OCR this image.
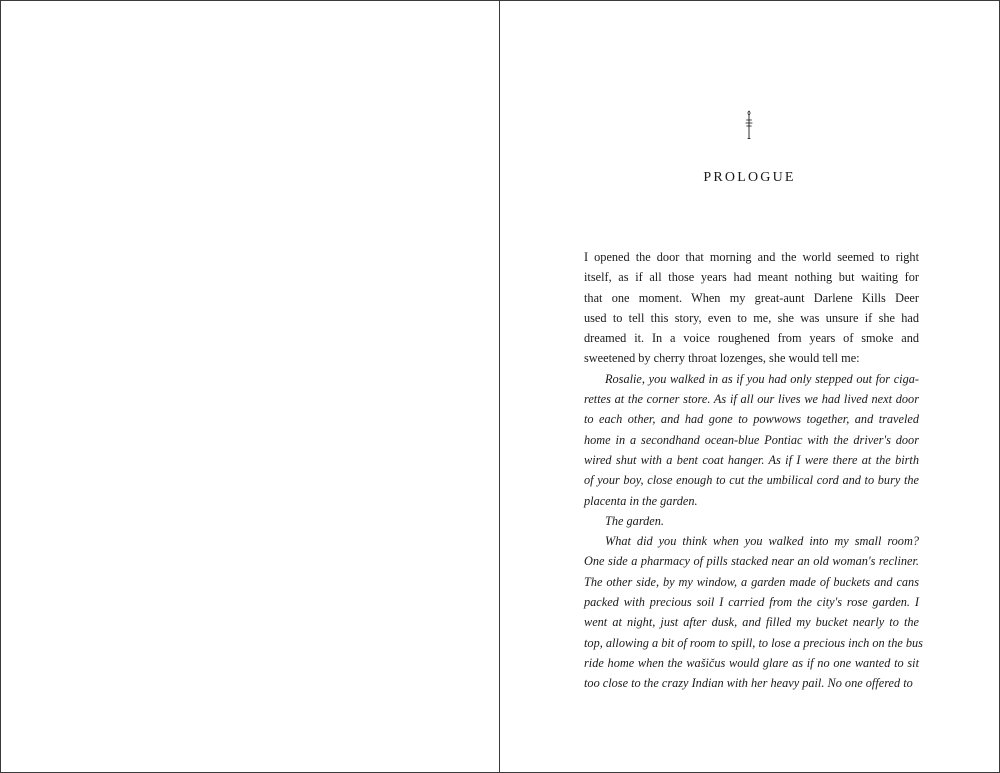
PROLOGUE
I opened the door that morning and the world seemed to right
itself, as if all those years had meant nothing but waiting for
that one moment. When my great-aunt Darlene Kills Deer
used to tell this story, even to me, she was unsure if she had
dreamed it. In a voice roughened from years of smoke and
sweetened by cherry throat lozenges, she would tell me:
Rosalie, you walked in as if you had only stepped out for ciga-
rettes at the corner store. As if all our lives we had lived next door
to each other, and had gone to powwows together, and traveled
home in a secondhand ocean-blue Pontiac with the driver's door
wired shut with a bent coat hanger. As if I were there at the birth
of your boy, close enough to cut the umbilical cord and to bury the
placenta in the garden.
The garden.
What did you think when you walked into my small room?
One side a pharmacy of pills stacked near an old woman's recliner.
The other side, by my window, a garden made of buckets and cans
packed with precious soil I carried from the city's rose garden. I
went at night, just after dusk, and filled my bucket nearly to the
top, allowing a bit of room to spill, to lose a precious inch on the bus
ride home when the wašičus would glare as if no one wanted to sit
too close to the crazy Indian with her heavy pail. No one offered to
